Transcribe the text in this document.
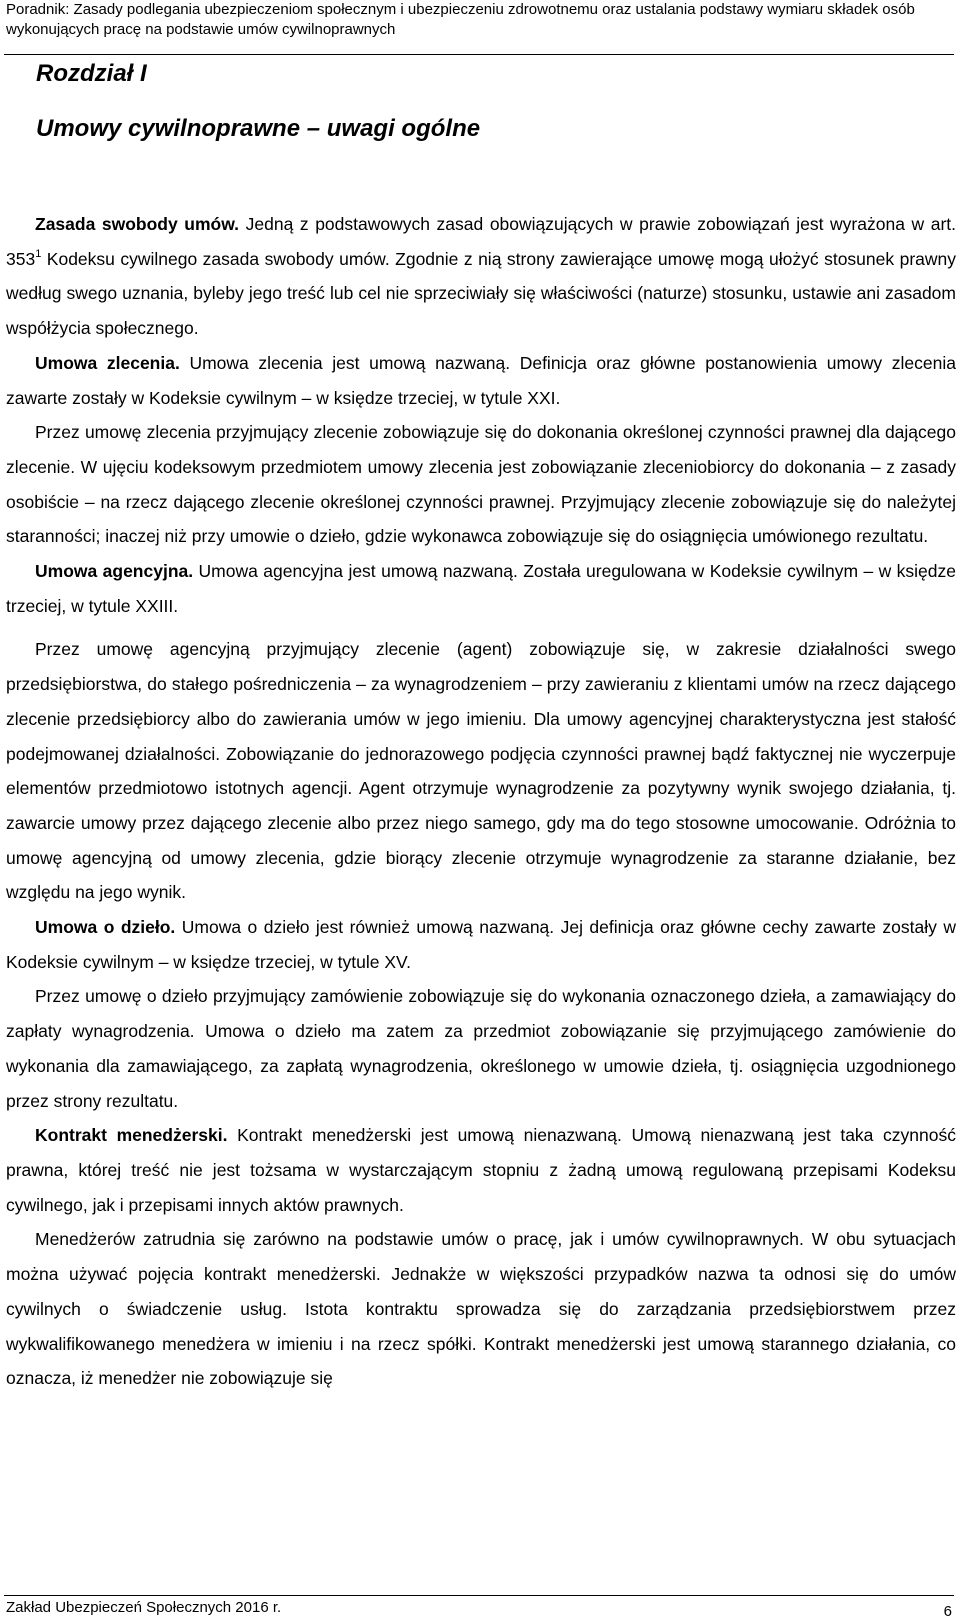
Poradnik: Zasady podlegania ubezpieczeniom społecznym i ubezpieczeniu zdrowotnemu oraz ustalania podstawy wymiaru składek osób wykonujących pracę na podstawie umów cywilnoprawnych
Rozdział I
Umowy cywilnoprawne – uwagi ogólne

Zasada swobody umów. Jedną z podstawowych zasad obowiązujących w prawie zobowiązań jest wyrażona w art. $353^1$ Kodeksu cywilnego zasada swobody umów. Zgodnie z nią strony zawierające umowę mogą ułożyć stosunek prawny według swego uznania, byleby jego treść lub cel nie sprzeciwiały się właściwości (naturze) stosunku, ustawie ani zasadom współżycia społecznego.

Umowa zlecenia. Umowa zlecenia jest umową nazwaną. Definicja oraz główne postanowienia umowy zlecenia zawarte zostały w Kodeksie cywilnym – w księdze trzeciej, w tytule XXI.

Przez umowę zlecenia przyjmujący zlecenie zobowiązuje się do dokonania określonej czynności prawnej dla dającego zlecenie. W ujęciu kodeksowym przedmiotem umowy zlecenia jest zobowiązanie zleceniobiorcy do dokonania – z zasady osobiście – na rzecz dającego zlecenie określonej czynności prawnej. Przyjmujący zlecenie zobowiązuje się do należytej staranności; inaczej niż przy umowie o dzieło, gdzie wykonawca zobowiązuje się do osiągnięcia umówionego rezultatu.

Umowa agencyjna. Umowa agencyjna jest umową nazwaną. Została uregulowana w Kodeksie cywilnym – w księdze trzeciej, w tytule XXIII.

Przez umowę agencyjną przyjmujący zlecenie (agent) zobowiązuje się, w zakresie działalności swego przedsiębiorstwa, do stałego pośredniczenia – za wynagrodzeniem – przy zawieraniu z klientami umów na rzecz dającego zlecenie przedsiębiorcy albo do zawierania umów w jego imieniu. Dla umowy agencyjnej charakterystyczna jest stałość podejmowanej działalności. Zobowiązanie do jednorazowego podjęcia czynności prawnej bądź faktycznej nie wyczerpuje elementów przedmiotowo istotnych agencji. Agent otrzymuje wynagrodzenie za pozytywny wynik swojego działania, tj. zawarcie umowy przez dającego zlecenie albo przez niego samego, gdy ma do tego stosowne umocowanie. Odróżnia to umowę agencyjną od umowy zlecenia, gdzie biorący zlecenie otrzymuje wynagrodzenie za staranne działanie, bez względu na jego wynik.

Umowa o dzieło. Umowa o dzieło jest również umową nazwaną. Jej definicja oraz główne cechy zawarte zostały w Kodeksie cywilnym – w księdze trzeciej, w tytule XV.

Przez umowę o dzieło przyjmujący zamówienie zobowiązuje się do wykonania oznaczonego dzieła, a zamawiający do zapłaty wynagrodzenia. Umowa o dzieło ma zatem za przedmiot zobowiązanie się przyjmującego zamówienie do wykonania dla zamawiającego, za zapłatą wynagrodzenia, określonego w umowie dzieła, tj. osiągnięcia uzgodnionego przez strony rezultatu.

Kontrakt menedżerski. Kontrakt menedżerski jest umową nienazwaną. Umową nienazwaną jest taka czynność prawna, której treść nie jest tożsama w wystarczającym stopniu z żadną umową regulowaną przepisami Kodeksu cywilnego, jak i przepisami innych aktów prawnych.

Menedżerów zatrudnia się zarówno na podstawie umów o pracę, jak i umów cywilnoprawnych. W obu sytuacjach można używać pojęcia kontrakt menedżerski. Jednakże w większości przypadków nazwa ta odnosi się do umów cywilnych o świadczenie usług. Istota kontraktu sprowadza się do zarządzania przedsiębiorstwem przez wykwalifikowanego menedżera w imieniu i na rzecz spółki. Kontrakt menedżerski jest umową starannego działania, co oznacza, iż menedżer nie zobowiązuje się

Zakład Ubezpieczeń Społecznych 2016 r.	6
